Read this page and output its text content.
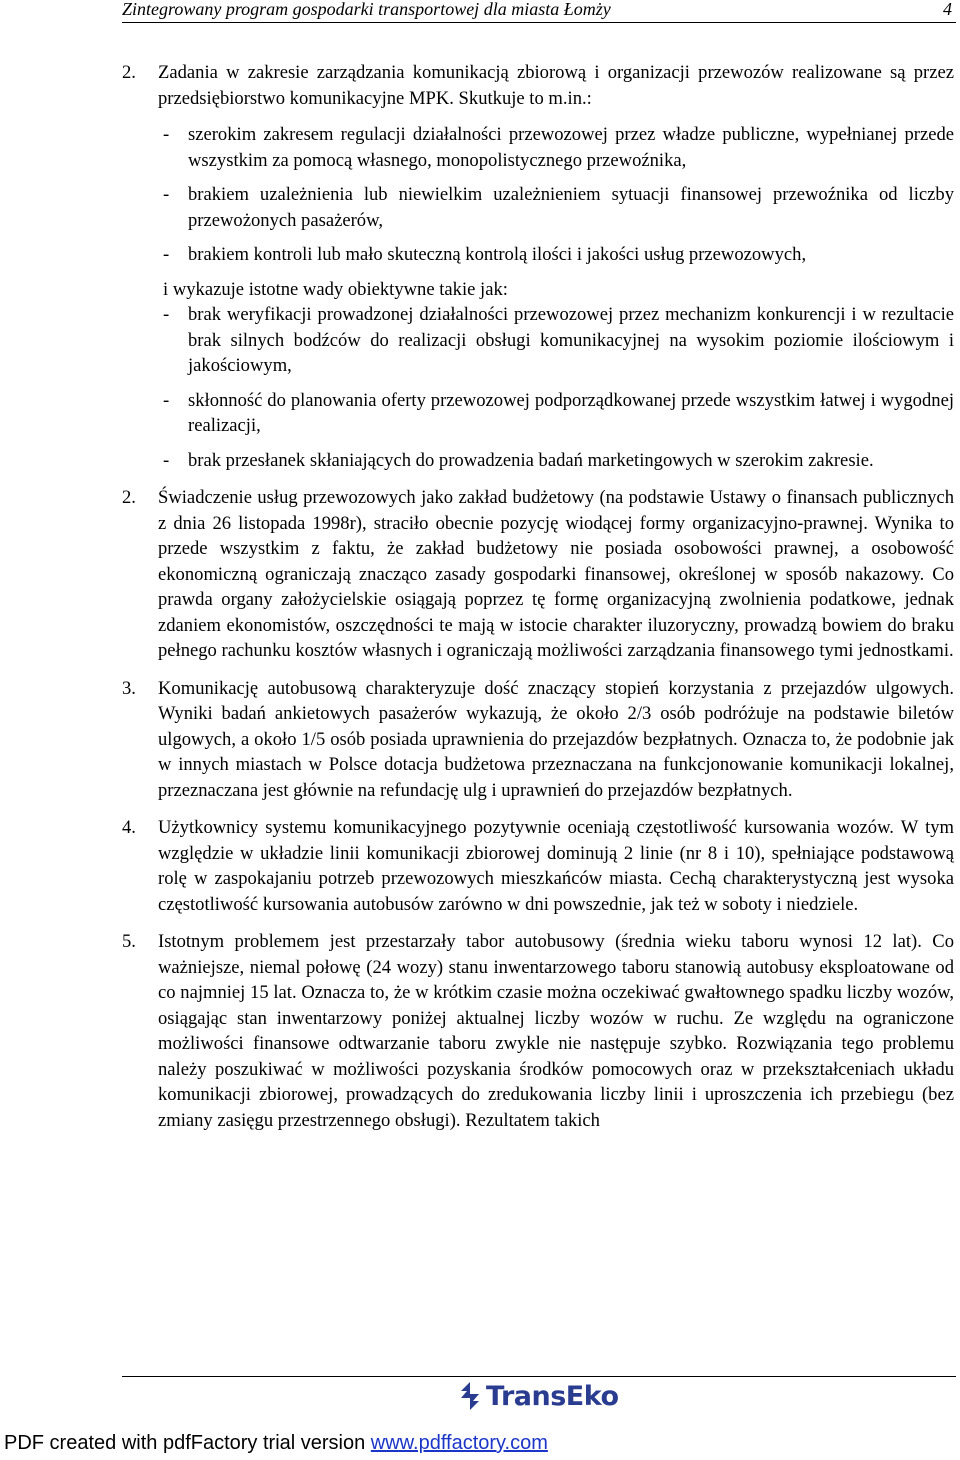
Zintegrowany program gospodarki transportowej dla miasta Łomży	4
2. Zadania w zakresie zarządzania komunikacją zbiorową i organizacji przewozów realizowane są przez przedsiębiorstwo komunikacyjne MPK. Skutkuje to m.in.:

- szerokim zakresem regulacji działalności przewozowej przez władze publiczne, wypełnianej przede wszystkim za pomocą własnego, monopolistycznego przewoźnika,

- brakiem uzależnienia lub niewielkim uzależnieniem sytuacji finansowej przewoźnika od liczby przewożonych pasażerów,

- brakiem kontroli lub mało skuteczną kontrolą ilości i jakości usług przewozowych,

i wykazuje istotne wady obiektywne takie jak:

- brak weryfikacji prowadzonej działalności przewozowej przez mechanizm konkurencji i w rezultacie brak silnych bodźców do realizacji obsługi komunikacyjnej na wysokim poziomie ilościowym i jakościowym,

- skłonność do planowania oferty przewozowej podporządkowanej przede wszystkim łatwej i wygodnej realizacji,

- brak przesłanek skłaniających do prowadzenia badań marketingowych w szerokim zakresie.

2. Świadczenie usług przewozowych jako zakład budżetowy (na podstawie Ustawy o finansach publicznych z dnia 26 listopada 1998r), straciło obecnie pozycję wiodącej formy organizacyjno-prawnej. Wynika to przede wszystkim z faktu, że zakład budżetowy nie posiada osobowości prawnej, a osobowość ekonomiczną ograniczają znacząco zasady gospodarki finansowej, określonej w sposób nakazowy. Co prawda organy założycielskie osiągają poprzez tę formę organizacyjną zwolnienia podatkowe, jednak zdaniem ekonomistów, oszczędności te mają w istocie charakter iluzoryczny, prowadzą bowiem do braku pełnego rachunku kosztów własnych i ograniczają możliwości zarządzania finansowego tymi jednostkami.

3. Komunikację autobusową charakteryzuje dość znaczący stopień korzystania z przejazdów ulgowych. Wyniki badań ankietowych pasażerów wykazują, że około 2/3 osób podróżuje na podstawie biletów ulgowych, a około 1/5 osób posiada uprawnienia do przejazdów bezpłatnych. Oznacza to, że podobnie jak w innych miastach w Polsce dotacja budżetowa przeznaczana na funkcjonowanie komunikacji lokalnej, przeznaczana jest głównie na refundację ulg i uprawnień do przejazdów bezpłatnych.

4. Użytkownicy systemu komunikacyjnego pozytywnie oceniają częstotliwość kursowania wozów. W tym względzie w układzie linii komunikacji zbiorowej dominują 2 linie (nr 8 i 10), spełniające podstawową rolę w zaspokajaniu potrzeb przewozowych mieszkańców miasta. Cechą charakterystyczną jest wysoka częstotliwość kursowania autobusów zarówno w dni powszednie, jak też w soboty i niedziele.

5. Istotnym problemem jest przestarzały tabor autobusowy (średnia wieku taboru wynosi 12 lat). Co ważniejsze, niemal połowę (24 wozy) stanu inwentarzowego taboru stanowią autobusy eksploatowane od co najmniej 15 lat. Oznacza to, że w krótkim czasie można oczekiwać gwałtownego spadku liczby wozów, osiągając stan inwentarzowy poniżej aktualnej liczby wozów w ruchu. Ze względu na ograniczone możliwości finansowe odtwarzanie taboru zwykle nie następuje szybko. Rozwiązania tego problemu należy poszukiwać w możliwości pozyskania środków pomocowych oraz w przekształceniach układu komunikacji zbiorowej, prowadzących do zredukowania liczby linii i uproszczenia ich przebiegu (bez zmiany zasięgu przestrzennego obsługi). Rezultatem takich

TransEko
PDF created with pdfFactory trial version www.pdffactory.com
